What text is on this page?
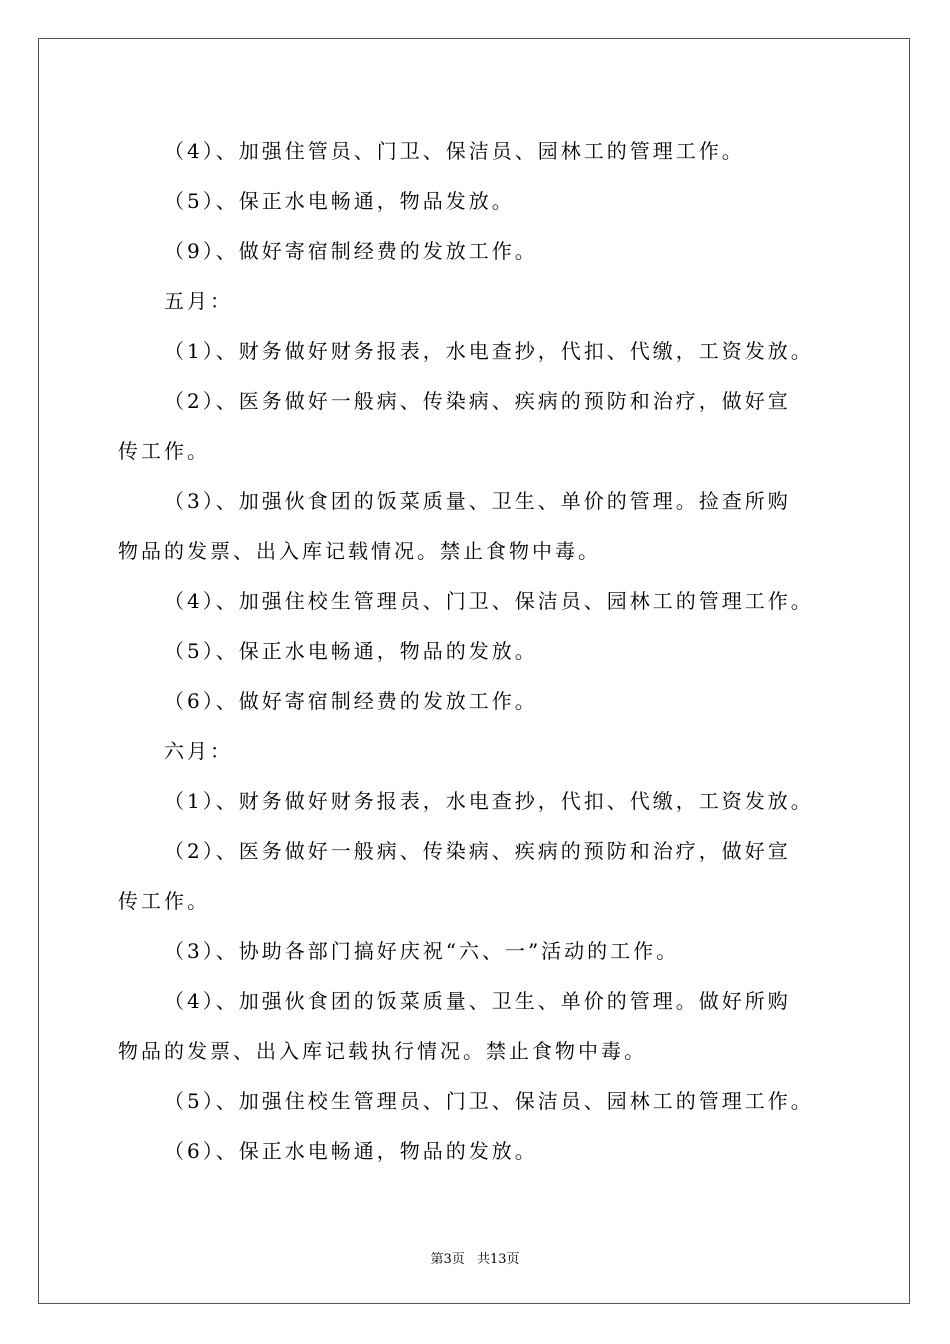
（4）、加强住管员、门卫、保洁员、园林工的管理工作。
（5）、保正水电畅通，物品发放。
（9）、做好寄宿制经费的发放工作。
五月：
（1）、财务做好财务报表，水电查抄，代扣、代缴，工资发放。
（2）、医务做好一般病、传染病、疾病的预防和治疗，做好宣
传工作。
（3）、加强伙食团的饭菜质量、卫生、单价的管理。捡查所购
物品的发票、出入库记载情况。禁止食物中毒。
（4）、加强住校生管理员、门卫、保洁员、园林工的管理工作。
（5）、保正水电畅通，物品的发放。
（6）、做好寄宿制经费的发放工作。
六月：
（1）、财务做好财务报表，水电查抄，代扣、代缴，工资发放。
（2）、医务做好一般病、传染病、疾病的预防和治疗，做好宣
传工作。
（3）、协助各部门搞好庆祝“六、一”活动的工作。
（4）、加强伙食团的饭菜质量、卫生、单价的管理。做好所购
物品的发票、出入库记载执行情况。禁止食物中毒。
（5）、加强住校生管理员、门卫、保洁员、园林工的管理工作。
（6）、保正水电畅通，物品的发放。
第3页 共13页
